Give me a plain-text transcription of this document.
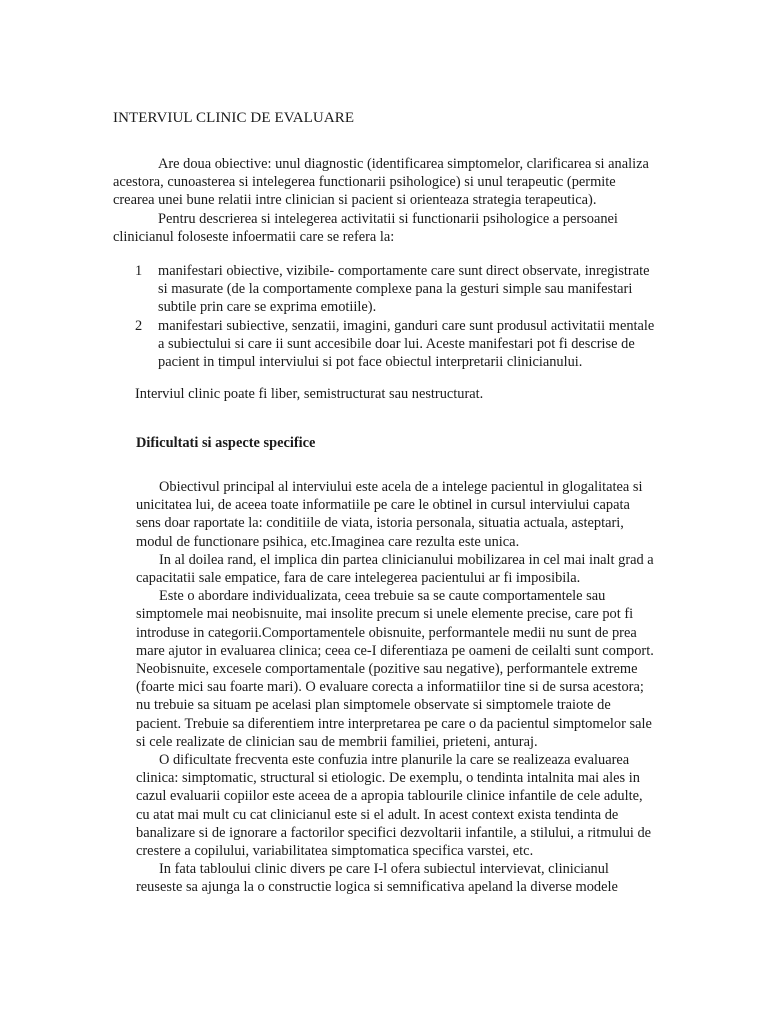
INTERVIUL CLINIC DE EVALUARE

Are doua obiective: unul diagnostic (identificarea simptomelor, clarificarea si analiza acestora, cunoasterea si intelegerea functionarii psihologice) si unul terapeutic (permite crearea unei bune relatii intre clinician si pacient si orienteaza strategia terapeutica).

Pentru descrierea si intelegerea activitatii si functionarii psihologice a persoanei clinicianul foloseste infoermatii care se refera la:

1 manifestari obiective, vizibile- comportamente care sunt direct observate, inregistrate si masurate (de la comportamente complexe pana la gesturi simple sau manifestari subtile prin care se exprima emotiile).
2 manifestari subiective, senzatii, imagini, ganduri care sunt produsul activitatii mentale a subiectului si care ii sunt accesibile doar lui. Aceste manifestari pot fi descrise de pacient in timpul interviului si pot face obiectul interpretarii clinicianului.

Interviul clinic poate fi liber, semistructurat sau nestructurat.

Dificultati si aspecte specifice

Obiectivul principal al interviului este acela de a intelege pacientul in glogalitatea si unicitatea lui, de aceea toate informatiile pe care le obtinel in cursul interviului capata sens doar raportate la: conditiile de viata, istoria personala, situatia actuala, asteptari, modul de functionare psihica, etc.Imaginea care rezulta este unica.

In al doilea rand, el implica din partea clinicianului mobilizarea in cel mai inalt grad a capacitatii sale empatice, fara de care intelegerea pacientului ar fi imposibila.

Este o abordare individualizata, ceea trebuie sa se caute comportamentele sau simptomele mai neobisnuite, mai insolite precum si unele elemente precise, care pot fi introduse in categorii.Comportamentele obisnuite, performantele medii nu sunt de prea mare ajutor in evaluarea clinica; ceea ce-I diferentiaza pe oameni de ceilalti sunt comport. Neobisnuite, excesele comportamentale (pozitive sau negative), performantele extreme (foarte mici sau foarte mari). O evaluare corecta a informatiilor tine si de sursa acestora; nu trebuie sa situam pe acelasi plan simptomele observate si simptomele traiote de pacient. Trebuie sa diferentiem intre interpretarea pe care o da pacientul simptomelor sale si cele realizate de clinician sau de membrii familiei, prieteni, anturaj.

O dificultate frecventa este confuzia intre planurile la care se realizeaza evaluarea clinica: simptomatic, structural si etiologic. De exemplu, o tendinta intalnita mai ales in cazul evaluarii copiilor este aceea de a apropia tablourile clinice infantile de cele adulte, cu atat mai mult cu cat clinicianul este si el adult. In acest context exista tendinta de banalizare si de ignorare a factorilor specifici dezvoltarii infantile, a stilului, a ritmului de crestere a copilului, variabilitatea simptomatica specifica varstei, etc.

In fata tabloului clinic divers pe care I-l ofera subiectul intervievat, clinicianul reuseste sa ajunga la o constructie logica si semnificativa apeland la diverse modele
